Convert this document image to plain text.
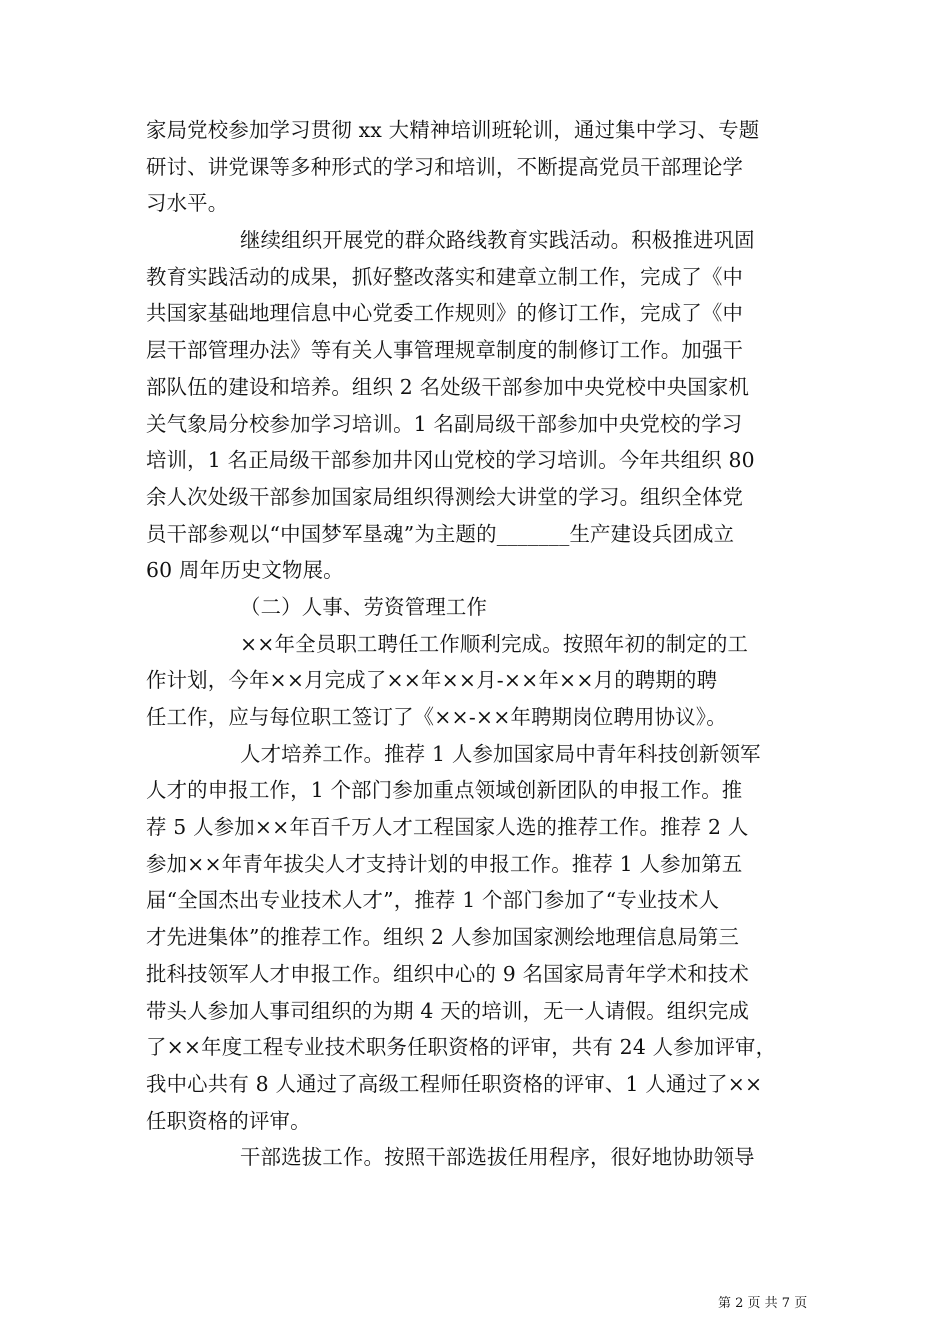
家局党校参加学习贯彻 xx 大精神培训班轮训，通过集中学习、专题
研讨、讲党课等多种形式的学习和培训，不断提高党员干部理论学
习水平。
继续组织开展党的群众路线教育实践活动。积极推进巩固
教育实践活动的成果，抓好整改落实和建章立制工作，完成了《中
共国家基础地理信息中心党委工作规则》的修订工作，完成了《中
层干部管理办法》等有关人事管理规章制度的制修订工作。加强干
部队伍的建设和培养。组织 2 名处级干部参加中央党校中央国家机
关气象局分校参加学习培训。1 名副局级干部参加中央党校的学习
培训，1 名正局级干部参加井冈山党校的学习培训。今年共组织 80
余人次处级干部参加国家局组织得测绘大讲堂的学习。组织全体党
员干部参观以“中国梦军垦魂”为主题的_______生产建设兵团成立
60 周年历史文物展。
（二）人事、劳资管理工作
××年全员职工聘任工作顺利完成。按照年初的制定的工
作计划，今年××月完成了××年××月-××年××月的聘期的聘
任工作，应与每位职工签订了《××-××年聘期岗位聘用协议》。
人才培养工作。推荐 1 人参加国家局中青年科技创新领军
人才的申报工作，1 个部门参加重点领域创新团队的申报工作。推
荐 5 人参加××年百千万人才工程国家人选的推荐工作。推荐 2 人
参加××年青年拔尖人才支持计划的申报工作。推荐 1 人参加第五
届“全国杰出专业技术人才”，推荐 1 个部门参加了“专业技术人
才先进集体”的推荐工作。组织 2 人参加国家测绘地理信息局第三
批科技领军人才申报工作。组织中心的 9 名国家局青年学术和技术
带头人参加人事司组织的为期 4 天的培训，无一人请假。组织完成
了××年度工程专业技术职务任职资格的评审，共有 24 人参加评审，
我中心共有 8 人通过了高级工程师任职资格的评审、1 人通过了××
任职资格的评审。
干部选拔工作。按照干部选拔任用程序，很好地协助领导
第 2 页 共 7 页
